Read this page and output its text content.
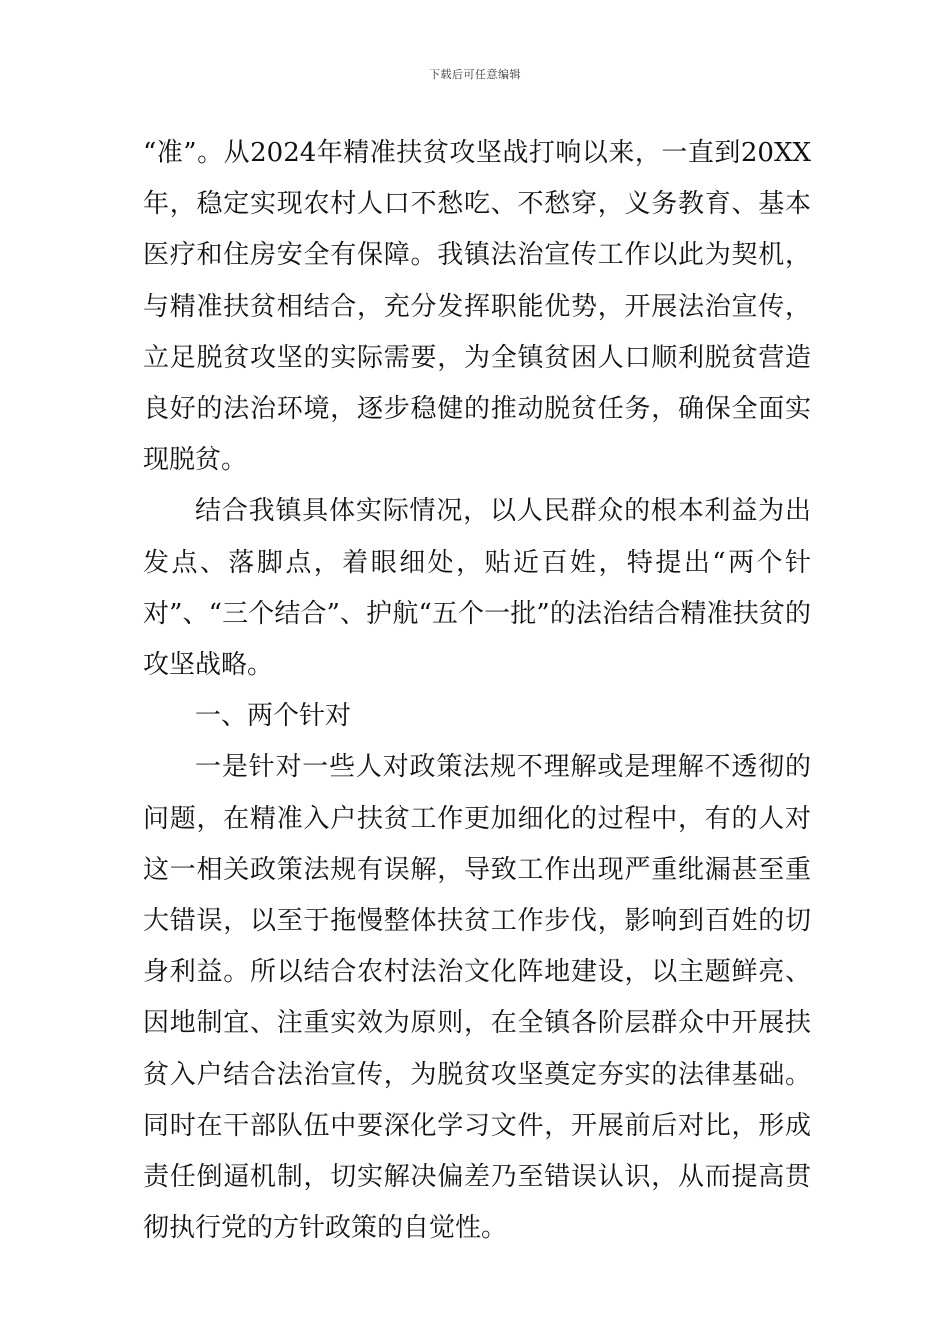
下载后可任意编辑

“准”。从2024年精准扶贫攻坚战打响以来，一直到20XX年，稳定实现农村人口不愁吃、不愁穿，义务教育、基本医疗和住房安全有保障。我镇法治宣传工作以此为契机，与精准扶贫相结合，充分发挥职能优势，开展法治宣传，立足脱贫攻坚的实际需要，为全镇贫困人口顺利脱贫营造良好的法治环境，逐步稳健的推动脱贫任务，确保全面实现脱贫。

结合我镇具体实际情况，以人民群众的根本利益为出发点、落脚点，着眼细处，贴近百姓，特提出“两个针对”、“三个结合”、护航“五个一批”的法治结合精准扶贫的攻坚战略。

一、两个针对

一是针对一些人对政策法规不理解或是理解不透彻的问题，在精准入户扶贫工作更加细化的过程中，有的人对这一相关政策法规有误解，导致工作出现严重纰漏甚至重大错误，以至于拖慢整体扶贫工作步伐，影响到百姓的切身利益。所以结合农村法治文化阵地建设，以主题鲜亮、因地制宜、注重实效为原则，在全镇各阶层群众中开展扶贫入户结合法治宣传，为脱贫攻坚奠定夯实的法律基础。同时在干部队伍中要深化学习文件，开展前后对比，形成责任倒逼机制，切实解决偏差乃至错误认识，从而提高贯彻执行党的方针政策的自觉性。
